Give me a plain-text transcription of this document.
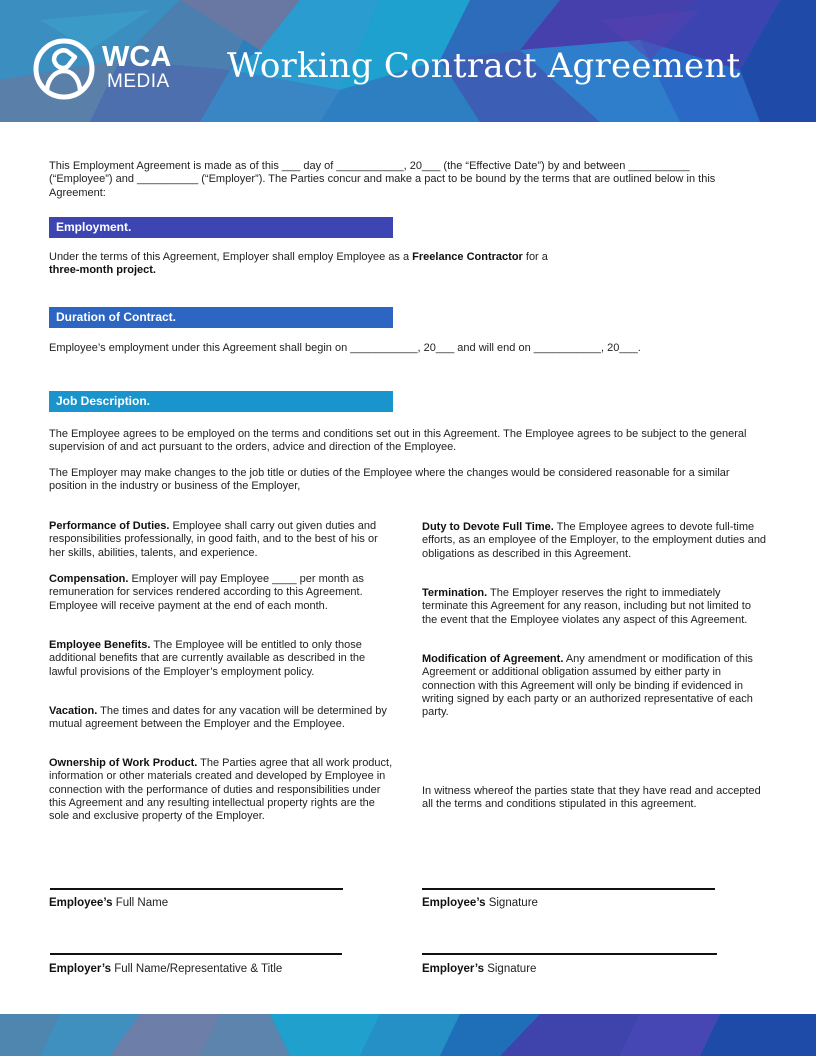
WCA
MEDIA Working Contract Agreement
This Employment Agreement is made as of this ___ day of ___________, 20___ (the “Effective Date”) by and between __________ (“Employee”) and __________ (“Employer”). The Parties concur and make a pact to be bound by the terms that are outlined below in this Agreement:
Employment.
Under the terms of this Agreement, Employer shall employ Employee as a Freelance Contractor for a
three-month project.
Duration of Contract.
Employee’s employment under this Agreement shall begin on ___________, 20___ and will end on ___________, 20___.
Job Description.
The Employee agrees to be employed on the terms and conditions set out in this Agreement. The Employee agrees to be subject to the general supervision of and act pursuant to the orders, advice and direction of the Employee.
The Employer may make changes to the job title or duties of the Employee where the changes would be considered reasonable for a similar position in the industry or business of the Employer,
Performance of Duties. Employee shall carry out given duties and responsibilities professionally, in good faith, and to the best of his or her skills, abilities, talents, and experience.
Compensation. Employer will pay Employee ____ per month as remuneration for services rendered according to this Agreement. Employee will receive payment at the end of each month.
Employee Benefits. The Employee will be entitled to only those additional benefits that are currently available as described in the lawful provisions of the Employer’s employment policy.
Vacation. The times and dates for any vacation will be determined by mutual agreement between the Employer and the Employee.
Ownership of Work Product. The Parties agree that all work product, information or other materials created and developed by Employee in connection with the performance of duties and responsibilities under this Agreement and any resulting intellectual property rights are the sole and exclusive property of the Employer.
Duty to Devote Full Time. The Employee agrees to devote full-time efforts, as an employee of the Employer, to the employment duties and obligations as described in this Agreement.
Termination. The Employer reserves the right to immediately terminate this Agreement for any reason, including but not limited to the event that the Employee violates any aspect of this Agreement.
Modification of Agreement. Any amendment or modification of this Agreement or additional obligation assumed by either party in connection with this Agreement will only be binding if evidenced in writing signed by each party or an authorized representative of each party.
In witness whereof the parties state that they have read and accepted all the terms and conditions stipulated in this agreement.
Employee’s Full Name	Employee’s Signature
Employer’s Full Name/Representative & Title	Employer’s Signature
